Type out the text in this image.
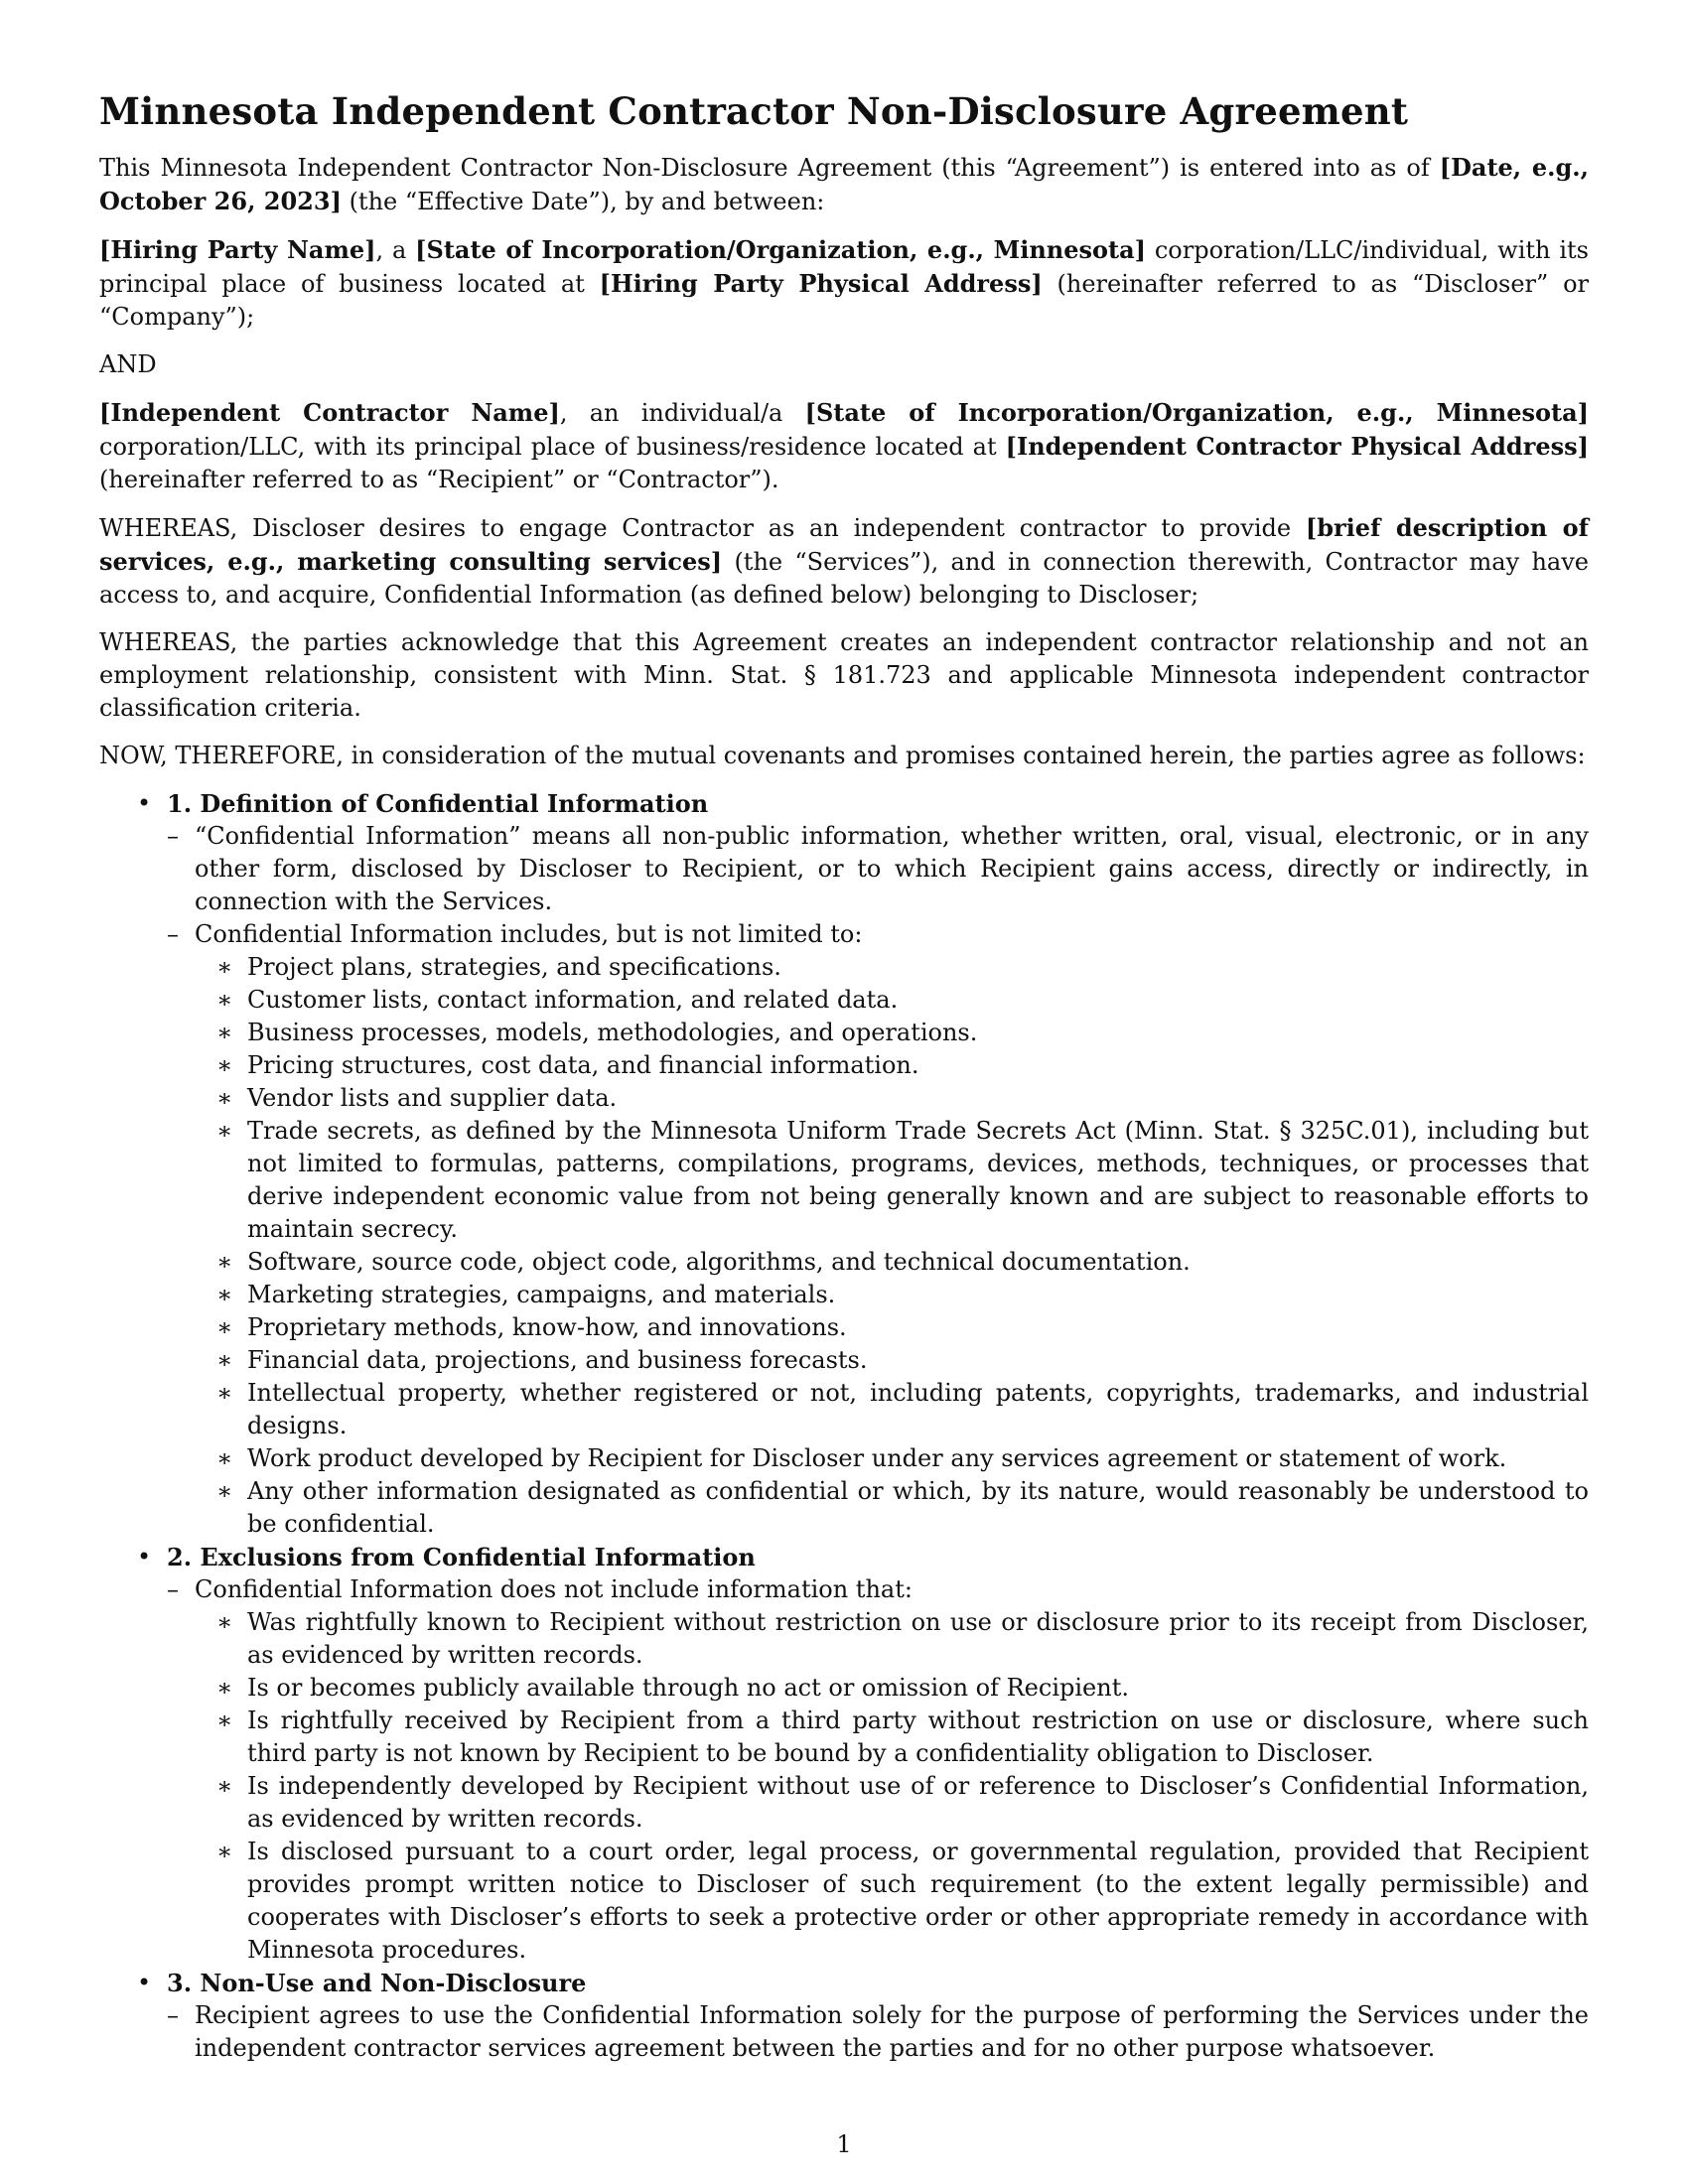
Minnesota Independent Contractor Non-Disclosure Agreement

This Minnesota Independent Contractor Non-Disclosure Agreement (this “Agreement”) is entered into as of [Date, e.g., October 26, 2023] (the “Effective Date”), by and between:

[Hiring Party Name], a [State of Incorporation/Organization, e.g., Minnesota] corporation/LLC/individual, with its principal place of business located at [Hiring Party Physical Address] (hereinafter referred to as “Discloser” or “Company”);

AND

[Independent Contractor Name], an individual/a [State of Incorporation/Organization, e.g., Minnesota] corporation/LLC, with its principal place of business/residence located at [Independent Contractor Physical Address] (hereinafter referred to as “Recipient” or “Contractor”).

WHEREAS, Discloser desires to engage Contractor as an independent contractor to provide [brief description of services, e.g., marketing consulting services] (the “Services”), and in connection therewith, Contractor may have access to, and acquire, Confidential Information (as defined below) belonging to Discloser;

WHEREAS, the parties acknowledge that this Agreement creates an independent contractor relationship and not an employment relationship, consistent with Minn. Stat. § 181.723 and applicable Minnesota independent contractor classification criteria.

NOW, THEREFORE, in consideration of the mutual covenants and promises contained herein, the parties agree as follows:

• 1. Definition of Confidential Information
– “Confidential Information” means all non-public information, whether written, oral, visual, electronic, or in any other form, disclosed by Discloser to Recipient, or to which Recipient gains access, directly or indirectly, in connection with the Services.
– Confidential Information includes, but is not limited to:
∗ Project plans, strategies, and specifications.
∗ Customer lists, contact information, and related data.
∗ Business processes, models, methodologies, and operations.
∗ Pricing structures, cost data, and financial information.
∗ Vendor lists and supplier data.
∗ Trade secrets, as defined by the Minnesota Uniform Trade Secrets Act (Minn. Stat. § 325C.01), including but not limited to formulas, patterns, compilations, programs, devices, methods, techniques, or processes that derive independent economic value from not being generally known and are subject to reasonable efforts to maintain secrecy.
∗ Software, source code, object code, algorithms, and technical documentation.
∗ Marketing strategies, campaigns, and materials.
∗ Proprietary methods, know-how, and innovations.
∗ Financial data, projections, and business forecasts.
∗ Intellectual property, whether registered or not, including patents, copyrights, trademarks, and industrial designs.
∗ Work product developed by Recipient for Discloser under any services agreement or statement of work.
∗ Any other information designated as confidential or which, by its nature, would reasonably be understood to be confidential.
• 2. Exclusions from Confidential Information
– Confidential Information does not include information that:
∗ Was rightfully known to Recipient without restriction on use or disclosure prior to its receipt from Discloser, as evidenced by written records.
∗ Is or becomes publicly available through no act or omission of Recipient.
∗ Is rightfully received by Recipient from a third party without restriction on use or disclosure, where such third party is not known by Recipient to be bound by a confidentiality obligation to Discloser.
∗ Is independently developed by Recipient without use of or reference to Discloser’s Confidential Information, as evidenced by written records.
∗ Is disclosed pursuant to a court order, legal process, or governmental regulation, provided that Recipient provides prompt written notice to Discloser of such requirement (to the extent legally permissible) and cooperates with Discloser’s efforts to seek a protective order or other appropriate remedy in accordance with Minnesota procedures.
• 3. Non-Use and Non-Disclosure
– Recipient agrees to use the Confidential Information solely for the purpose of performing the Services under the independent contractor services agreement between the parties and for no other purpose whatsoever.
1
